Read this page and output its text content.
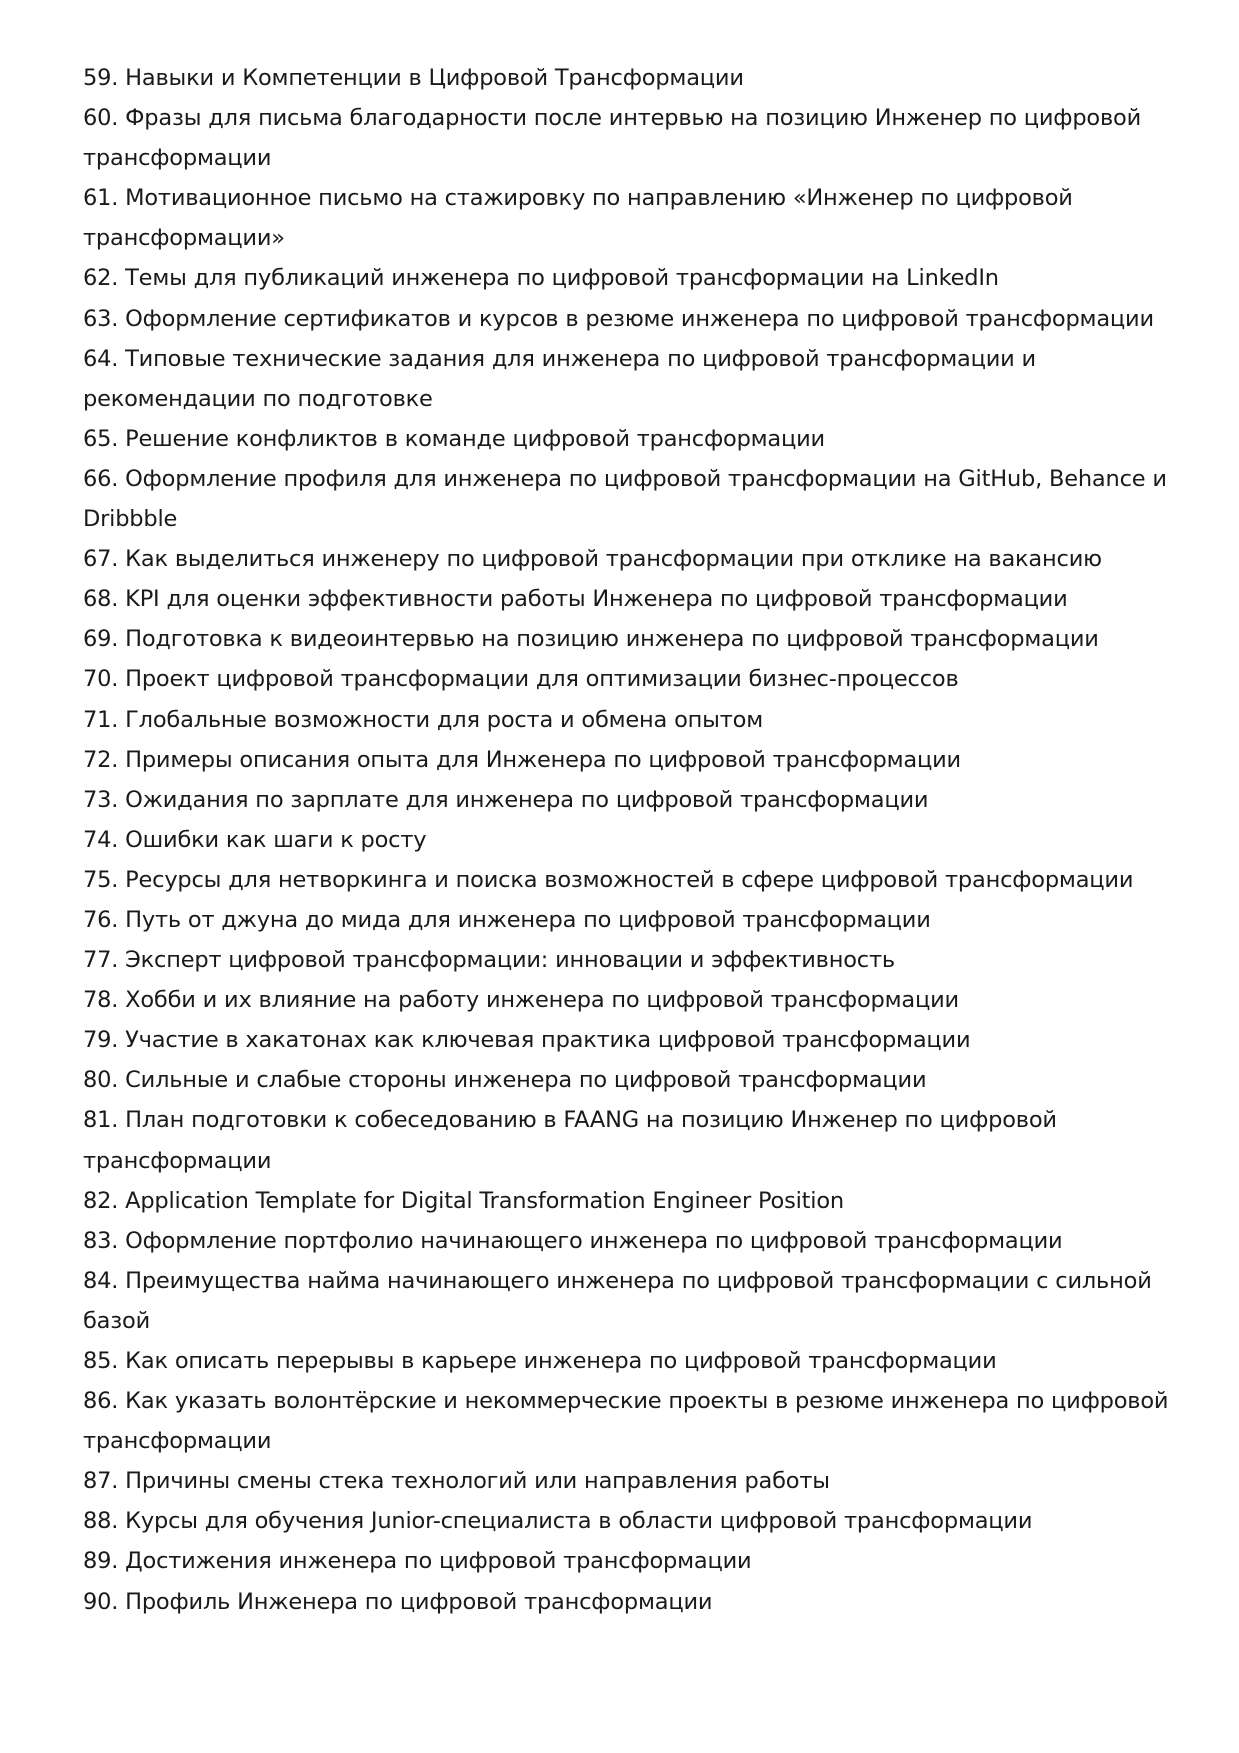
59. Навыки и Компетенции в Цифровой Трансформации
60. Фразы для письма благодарности после интервью на позицию Инженер по цифровой трансформации
61. Мотивационное письмо на стажировку по направлению «Инженер по цифровой трансформации»
62. Темы для публикаций инженера по цифровой трансформации на LinkedIn
63. Оформление сертификатов и курсов в резюме инженера по цифровой трансформации
64. Типовые технические задания для инженера по цифровой трансформации и рекомендации по подготовке
65. Решение конфликтов в команде цифровой трансформации
66. Оформление профиля для инженера по цифровой трансформации на GitHub, Behance и Dribbble
67. Как выделиться инженеру по цифровой трансформации при отклике на вакансию
68. KPI для оценки эффективности работы Инженера по цифровой трансформации
69. Подготовка к видеоинтервью на позицию инженера по цифровой трансформации
70. Проект цифровой трансформации для оптимизации бизнес-процессов
71. Глобальные возможности для роста и обмена опытом
72. Примеры описания опыта для Инженера по цифровой трансформации
73. Ожидания по зарплате для инженера по цифровой трансформации
74. Ошибки как шаги к росту
75. Ресурсы для нетворкинга и поиска возможностей в сфере цифровой трансформации
76. Путь от джуна до мида для инженера по цифровой трансформации
77. Эксперт цифровой трансформации: инновации и эффективность
78. Хобби и их влияние на работу инженера по цифровой трансформации
79. Участие в хакатонах как ключевая практика цифровой трансформации
80. Сильные и слабые стороны инженера по цифровой трансформации
81. План подготовки к собеседованию в FAANG на позицию Инженер по цифровой трансформации
82. Application Template for Digital Transformation Engineer Position
83. Оформление портфолио начинающего инженера по цифровой трансформации
84. Преимущества найма начинающего инженера по цифровой трансформации с сильной базой
85. Как описать перерывы в карьере инженера по цифровой трансформации
86. Как указать волонтёрские и некоммерческие проекты в резюме инженера по цифровой трансформации
87. Причины смены стека технологий или направления работы
88. Курсы для обучения Junior-специалиста в области цифровой трансформации
89. Достижения инженера по цифровой трансформации
90. Профиль Инженера по цифровой трансформации
